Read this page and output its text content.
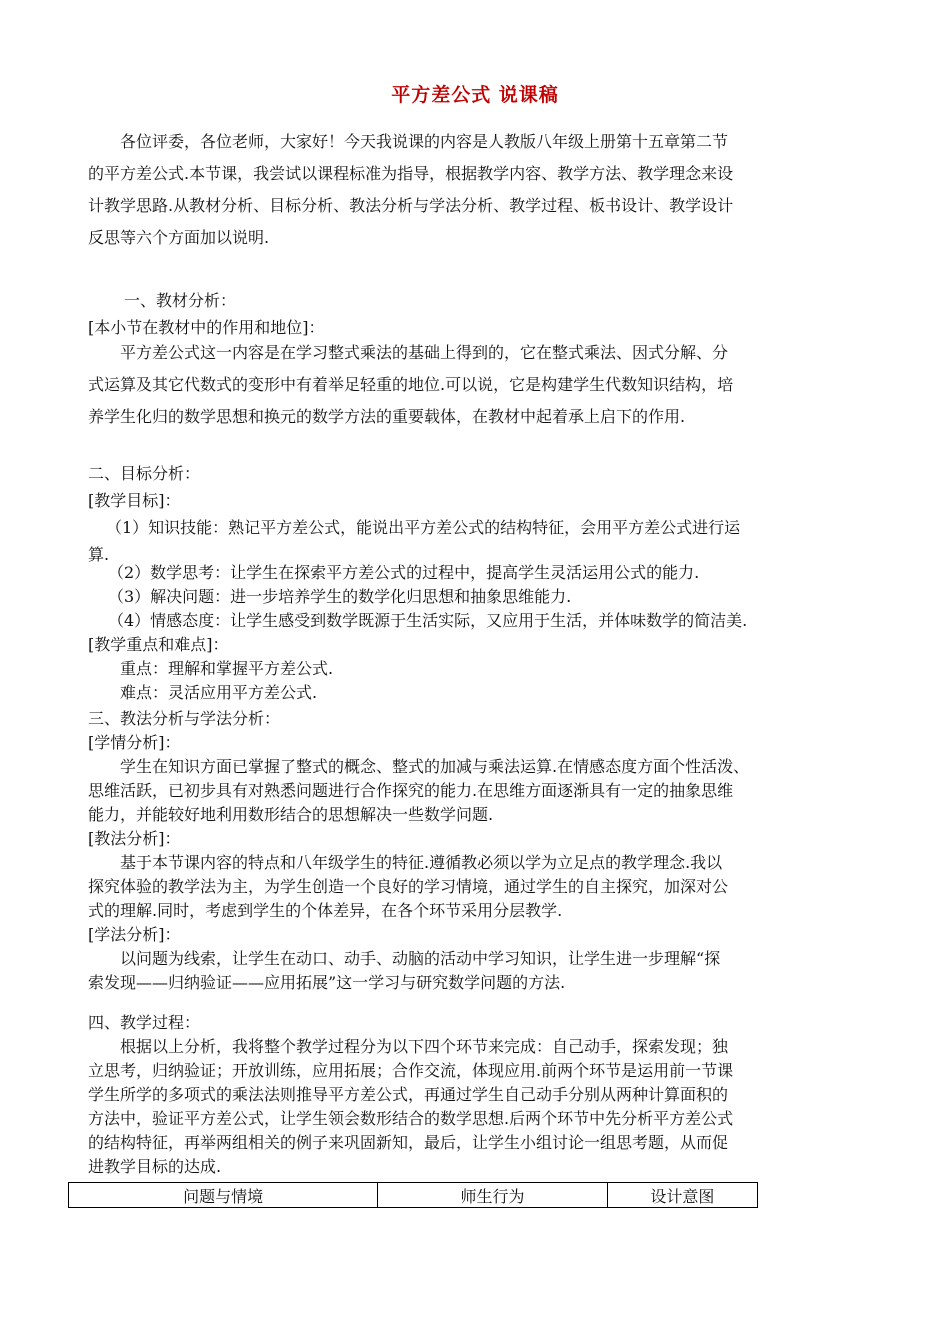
平方差公式 说课稿
各位评委，各位老师，大家好！今天我说课的内容是人教版八年级上册第十五章第二节
的平方差公式.本节课，我尝试以课程标准为指导，根据教学内容、教学方法、教学理念来设
计教学思路.从教材分析、目标分析、教法分析与学法分析、教学过程、板书设计、教学设计
反思等六个方面加以说明.
一、教材分析：
[本小节在教材中的作用和地位]：
平方差公式这一内容是在学习整式乘法的基础上得到的，它在整式乘法、因式分解、分
式运算及其它代数式的变形中有着举足轻重的地位.可以说，它是构建学生代数知识结构，培
养学生化归的数学思想和换元的数学方法的重要载体，在教材中起着承上启下的作用.
二、目标分析：
[教学目标]：
（1）知识技能：熟记平方差公式，能说出平方差公式的结构特征，会用平方差公式进行运
算.
（2）数学思考：让学生在探索平方差公式的过程中，提高学生灵活运用公式的能力.
（3）解决问题：进一步培养学生的数学化归思想和抽象思维能力.
（4）情感态度：让学生感受到数学既源于生活实际，又应用于生活，并体味数学的简洁美.
[教学重点和难点]：
重点：理解和掌握平方差公式.
难点：灵活应用平方差公式.
三、教法分析与学法分析：
[学情分析]：
学生在知识方面已掌握了整式的概念、整式的加减与乘法运算.在情感态度方面个性活泼、
思维活跃，已初步具有对熟悉问题进行合作探究的能力.在思维方面逐渐具有一定的抽象思维
能力，并能较好地利用数形结合的思想解决一些数学问题.
[教法分析]：
基于本节课内容的特点和八年级学生的特征.遵循教必须以学为立足点的教学理念.我以
探究体验的教学法为主，为学生创造一个良好的学习情境，通过学生的自主探究，加深对公
式的理解.同时，考虑到学生的个体差异，在各个环节采用分层教学.
[学法分析]：
以问题为线索，让学生在动口、动手、动脑的活动中学习知识，让学生进一步理解“探
索发现——归纳验证——应用拓展”这一学习与研究数学问题的方法.
四、教学过程：
根据以上分析，我将整个教学过程分为以下四个环节来完成：自己动手，探索发现；独
立思考，归纳验证；开放训练，应用拓展；合作交流，体现应用.前两个环节是运用前一节课
学生所学的多项式的乘法法则推导平方差公式，再通过学生自己动手分别从两种计算面积的
方法中，验证平方差公式，让学生领会数形结合的数学思想.后两个环节中先分析平方差公式
的结构特征，再举两组相关的例子来巩固新知，最后，让学生小组讨论一组思考题，从而促
进教学目标的达成.
问题与情境	师生行为	设计意图
